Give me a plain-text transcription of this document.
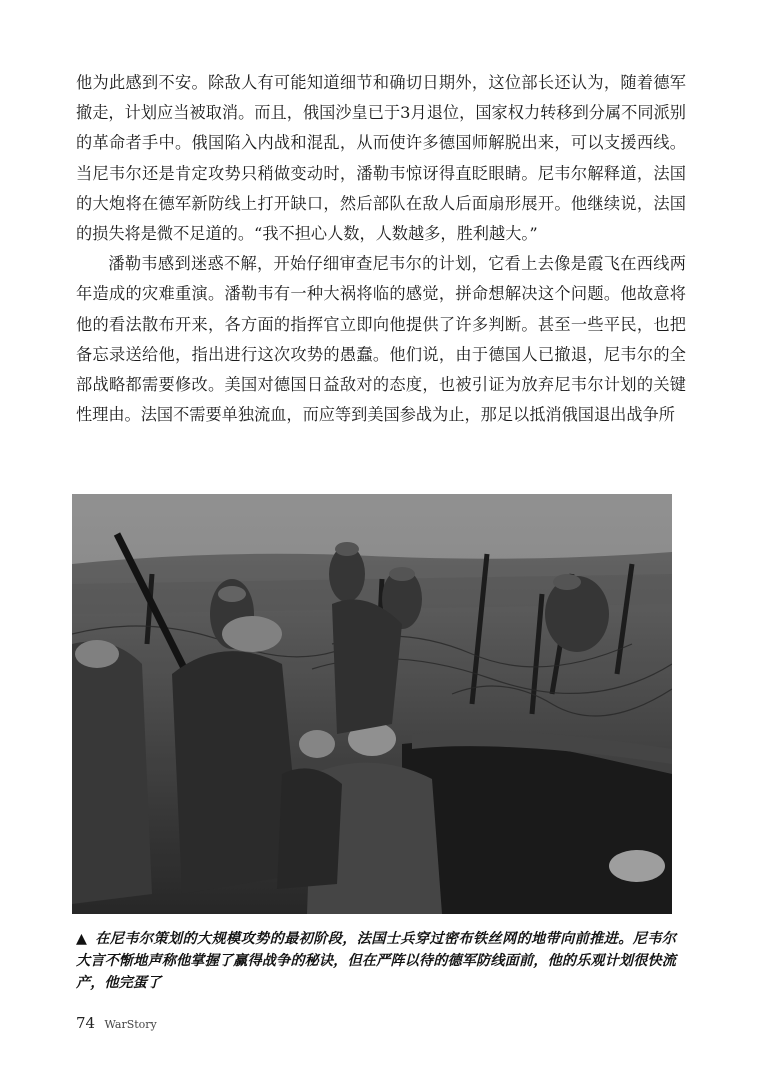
他为此感到不安。除敌人有可能知道细节和确切日期外，这位部长还认为，随着德军撤走，计划应当被取消。而且，俄国沙皇已于3月退位，国家权力转移到分属不同派别的革命者手中。俄国陷入内战和混乱，从而使许多德国师解脱出来，可以支援西线。当尼韦尔还是肯定攻势只稍做变动时，潘勒韦惊讶得直眨眼睛。尼韦尔解释道，法国的大炮将在德军新防线上打开缺口，然后部队在敌人后面扇形展开。他继续说，法国的损失将是微不足道的。“我不担心人数，人数越多，胜利越大。”

潘勒韦感到迷惑不解，开始仔细审查尼韦尔的计划，它看上去像是霞飞在西线两年造成的灾难重演。潘勒韦有一种大祸将临的感觉，拼命想解决这个问题。他故意将他的看法散布开来，各方面的指挥官立即向他提供了许多判断。甚至一些平民，也把备忘录送给他，指出进行这次攻势的愚蠢。他们说，由于德国人已撤退，尼韦尔的全部战略都需要修改。美国对德国日益敌对的态度，也被引证为放弃尼韦尔计划的关键性理由。法国不需要单独流血，而应等到美国参战为止，那足以抵消俄国退出战争所

▲ 在尼韦尔策划的大规模攻势的最初阶段，法国士兵穿过密布铁丝网的地带向前推进。尼韦尔大言不惭地声称他掌握了赢得战争的秘诀，但在严阵以待的德军防线面前，他的乐观计划很快流产，他完蛋了
74 WarStory
